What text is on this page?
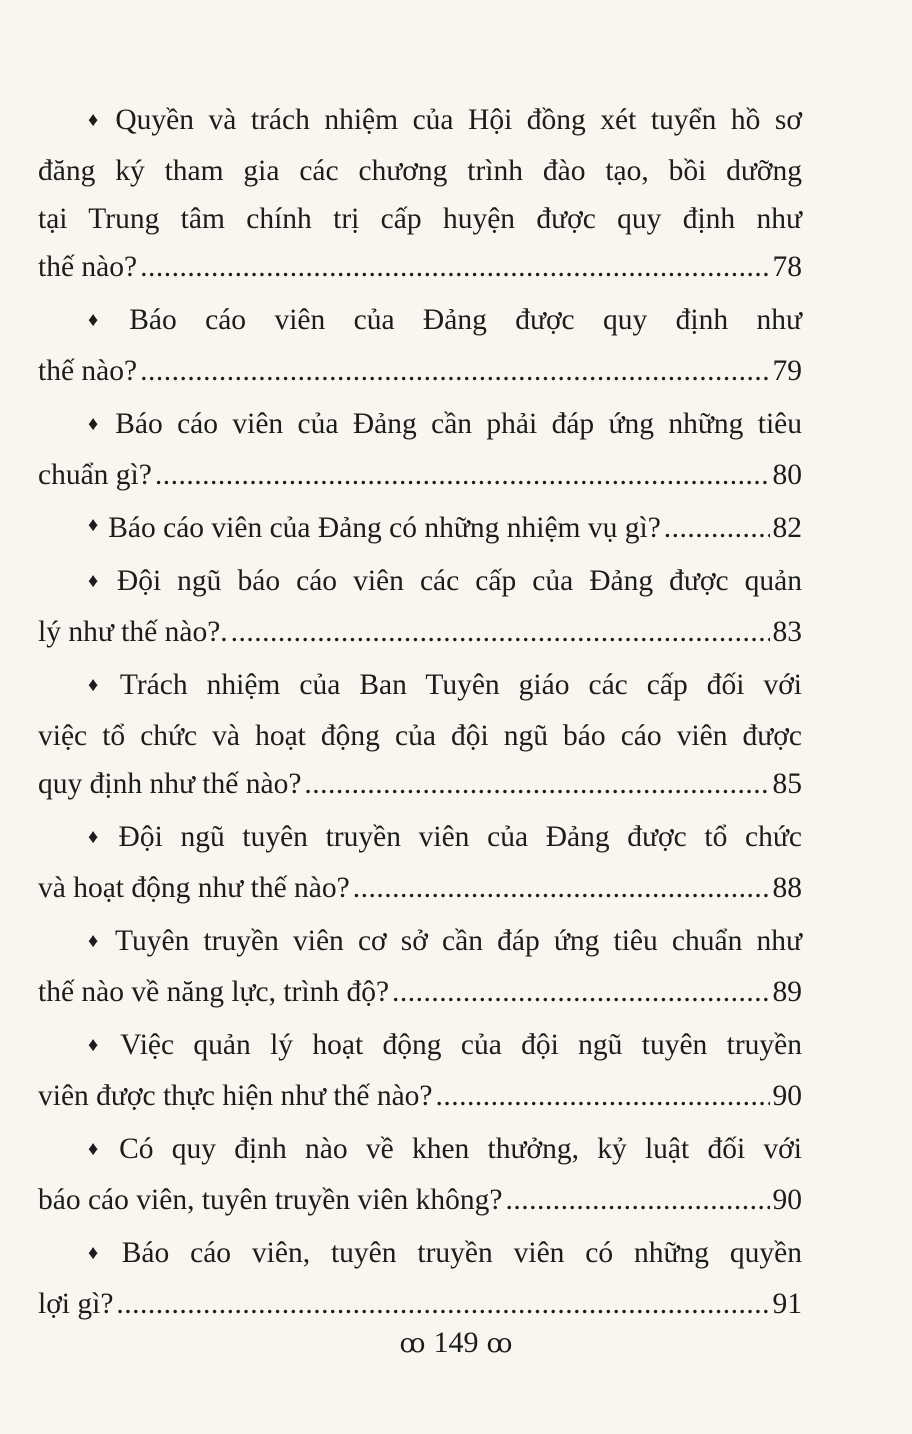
♦ Quyền và trách nhiệm của Hội đồng xét tuyển hồ sơ
đăng ký tham gia các chương trình đào tạo, bồi dưỡng
tại Trung tâm chính trị cấp huyện được quy định như
thế nào? .....	78
♦ Báo cáo viên của Đảng được quy định như
thế nào? .....	79
♦ Báo cáo viên của Đảng cần phải đáp ứng những tiêu
chuẩn gì? .....	80
♦ Báo cáo viên của Đảng có những nhiệm vụ gì? .....	82
♦ Đội ngũ báo cáo viên các cấp của Đảng được quản
lý như thế nào?. .....	83
♦ Trách nhiệm của Ban Tuyên giáo các cấp đối với
việc tổ chức và hoạt động của đội ngũ báo cáo viên được
quy định như thế nào? .....	85
♦ Đội ngũ tuyên truyền viên của Đảng được tổ chức
và hoạt động như thế nào? .....	88
♦ Tuyên truyền viên cơ sở cần đáp ứng tiêu chuẩn như
thế nào về năng lực, trình độ? .....	89
♦ Việc quản lý hoạt động của đội ngũ tuyên truyền
viên được thực hiện như thế nào? .....	90
♦ Có quy định nào về khen thưởng, kỷ luật đối với
báo cáo viên, tuyên truyền viên không? .....	90
♦ Báo cáo viên, tuyên truyền viên có những quyền
lợi gì? .....	91
ꝏ 149 ꝏ
